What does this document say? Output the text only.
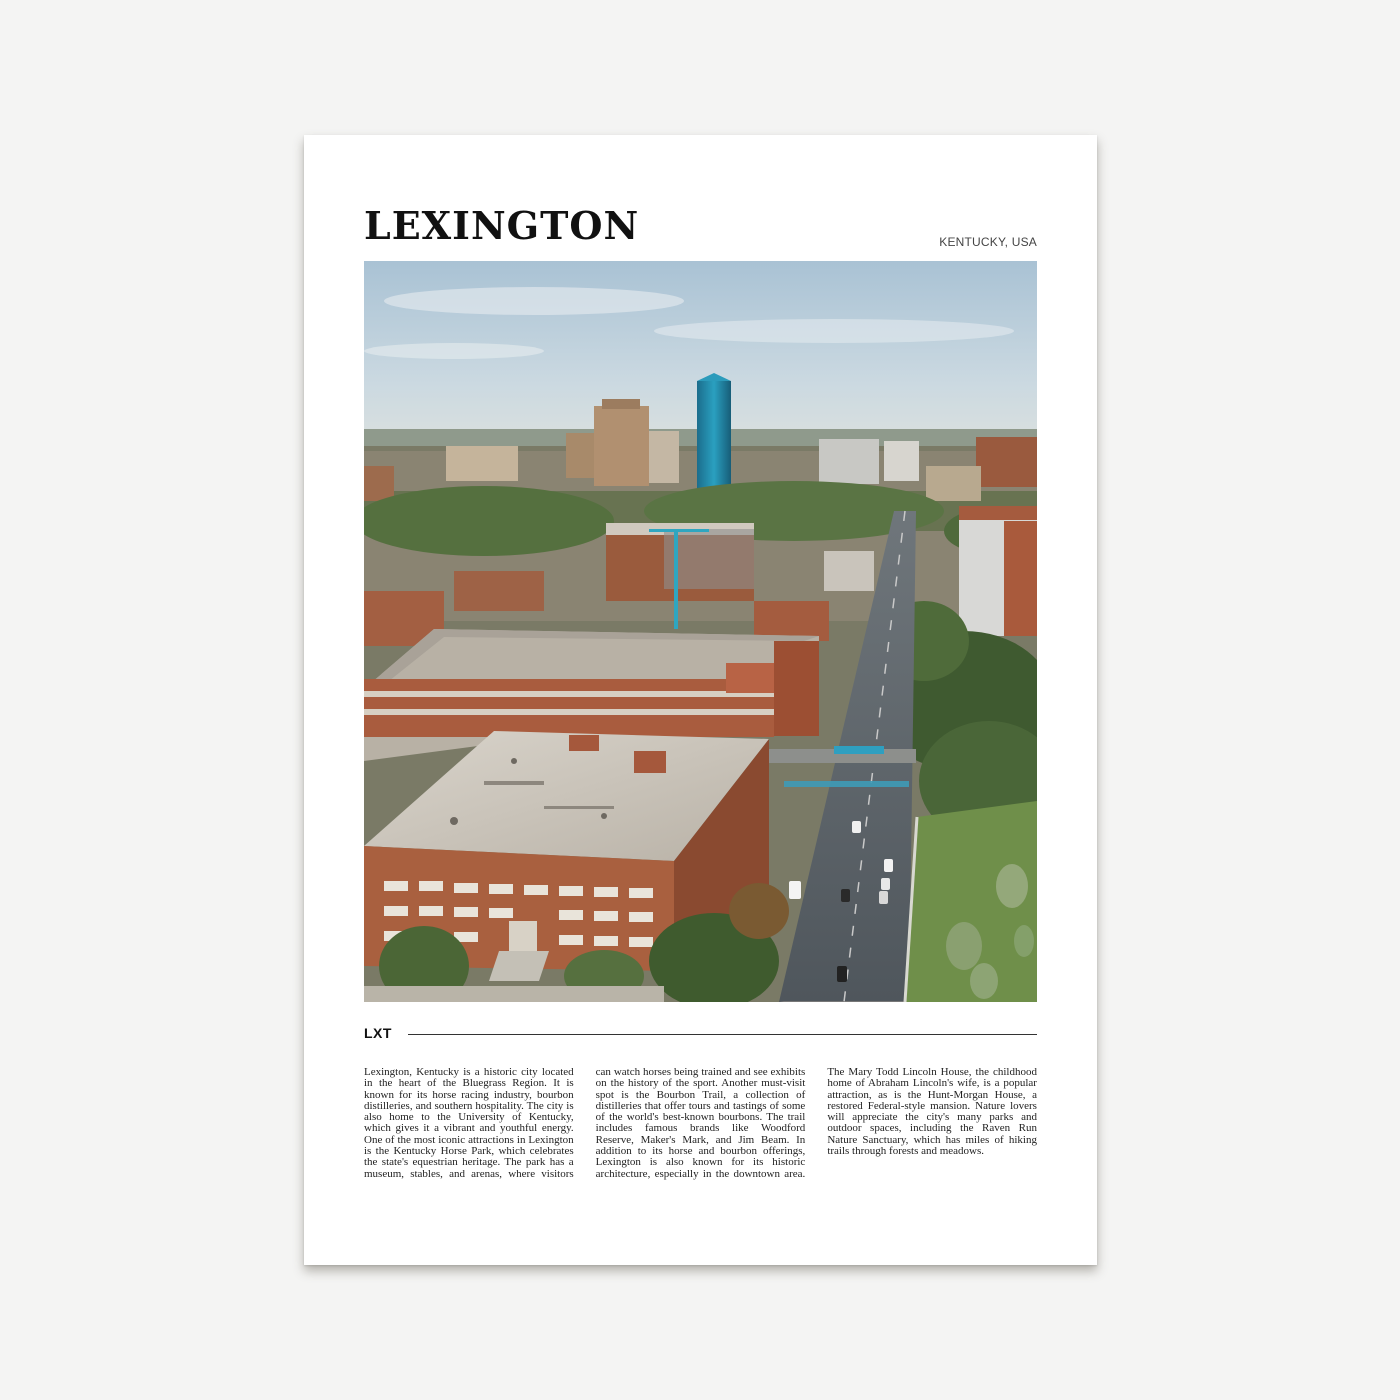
LEXINGTON	KENTUCKY, USA
LXT

Lexington, Kentucky is a historic city located in the heart of the Bluegrass Region. It is known for its horse racing industry, bourbon distilleries, and southern hospitality. The city is also home to the University of Kentucky, which gives it a vibrant and youthful energy. One of the most iconic attractions in Lexington is the Kentucky Horse Park, which celebrates the state's equestrian heritage. The park has a museum, stables, and arenas, where visitors can watch horses being trained and see exhibits on the history of the sport. Another must-visit spot is the Bourbon Trail, a collection of distilleries that offer tours and tastings of some of the world's best-known bourbons. The trail includes famous brands like Woodford Reserve, Maker's Mark, and Jim Beam. In addition to its horse and bourbon offerings, Lexington is also known for its historic architecture, especially in the downtown area. The Mary Todd Lincoln House, the childhood home of Abraham Lincoln's wife, is a popular attraction, as is the Hunt-Morgan House, a restored Federal-style mansion. Nature lovers will appreciate the city's many parks and outdoor spaces, including the Raven Run Nature Sanctuary, which has miles of hiking trails through forests and meadows.
